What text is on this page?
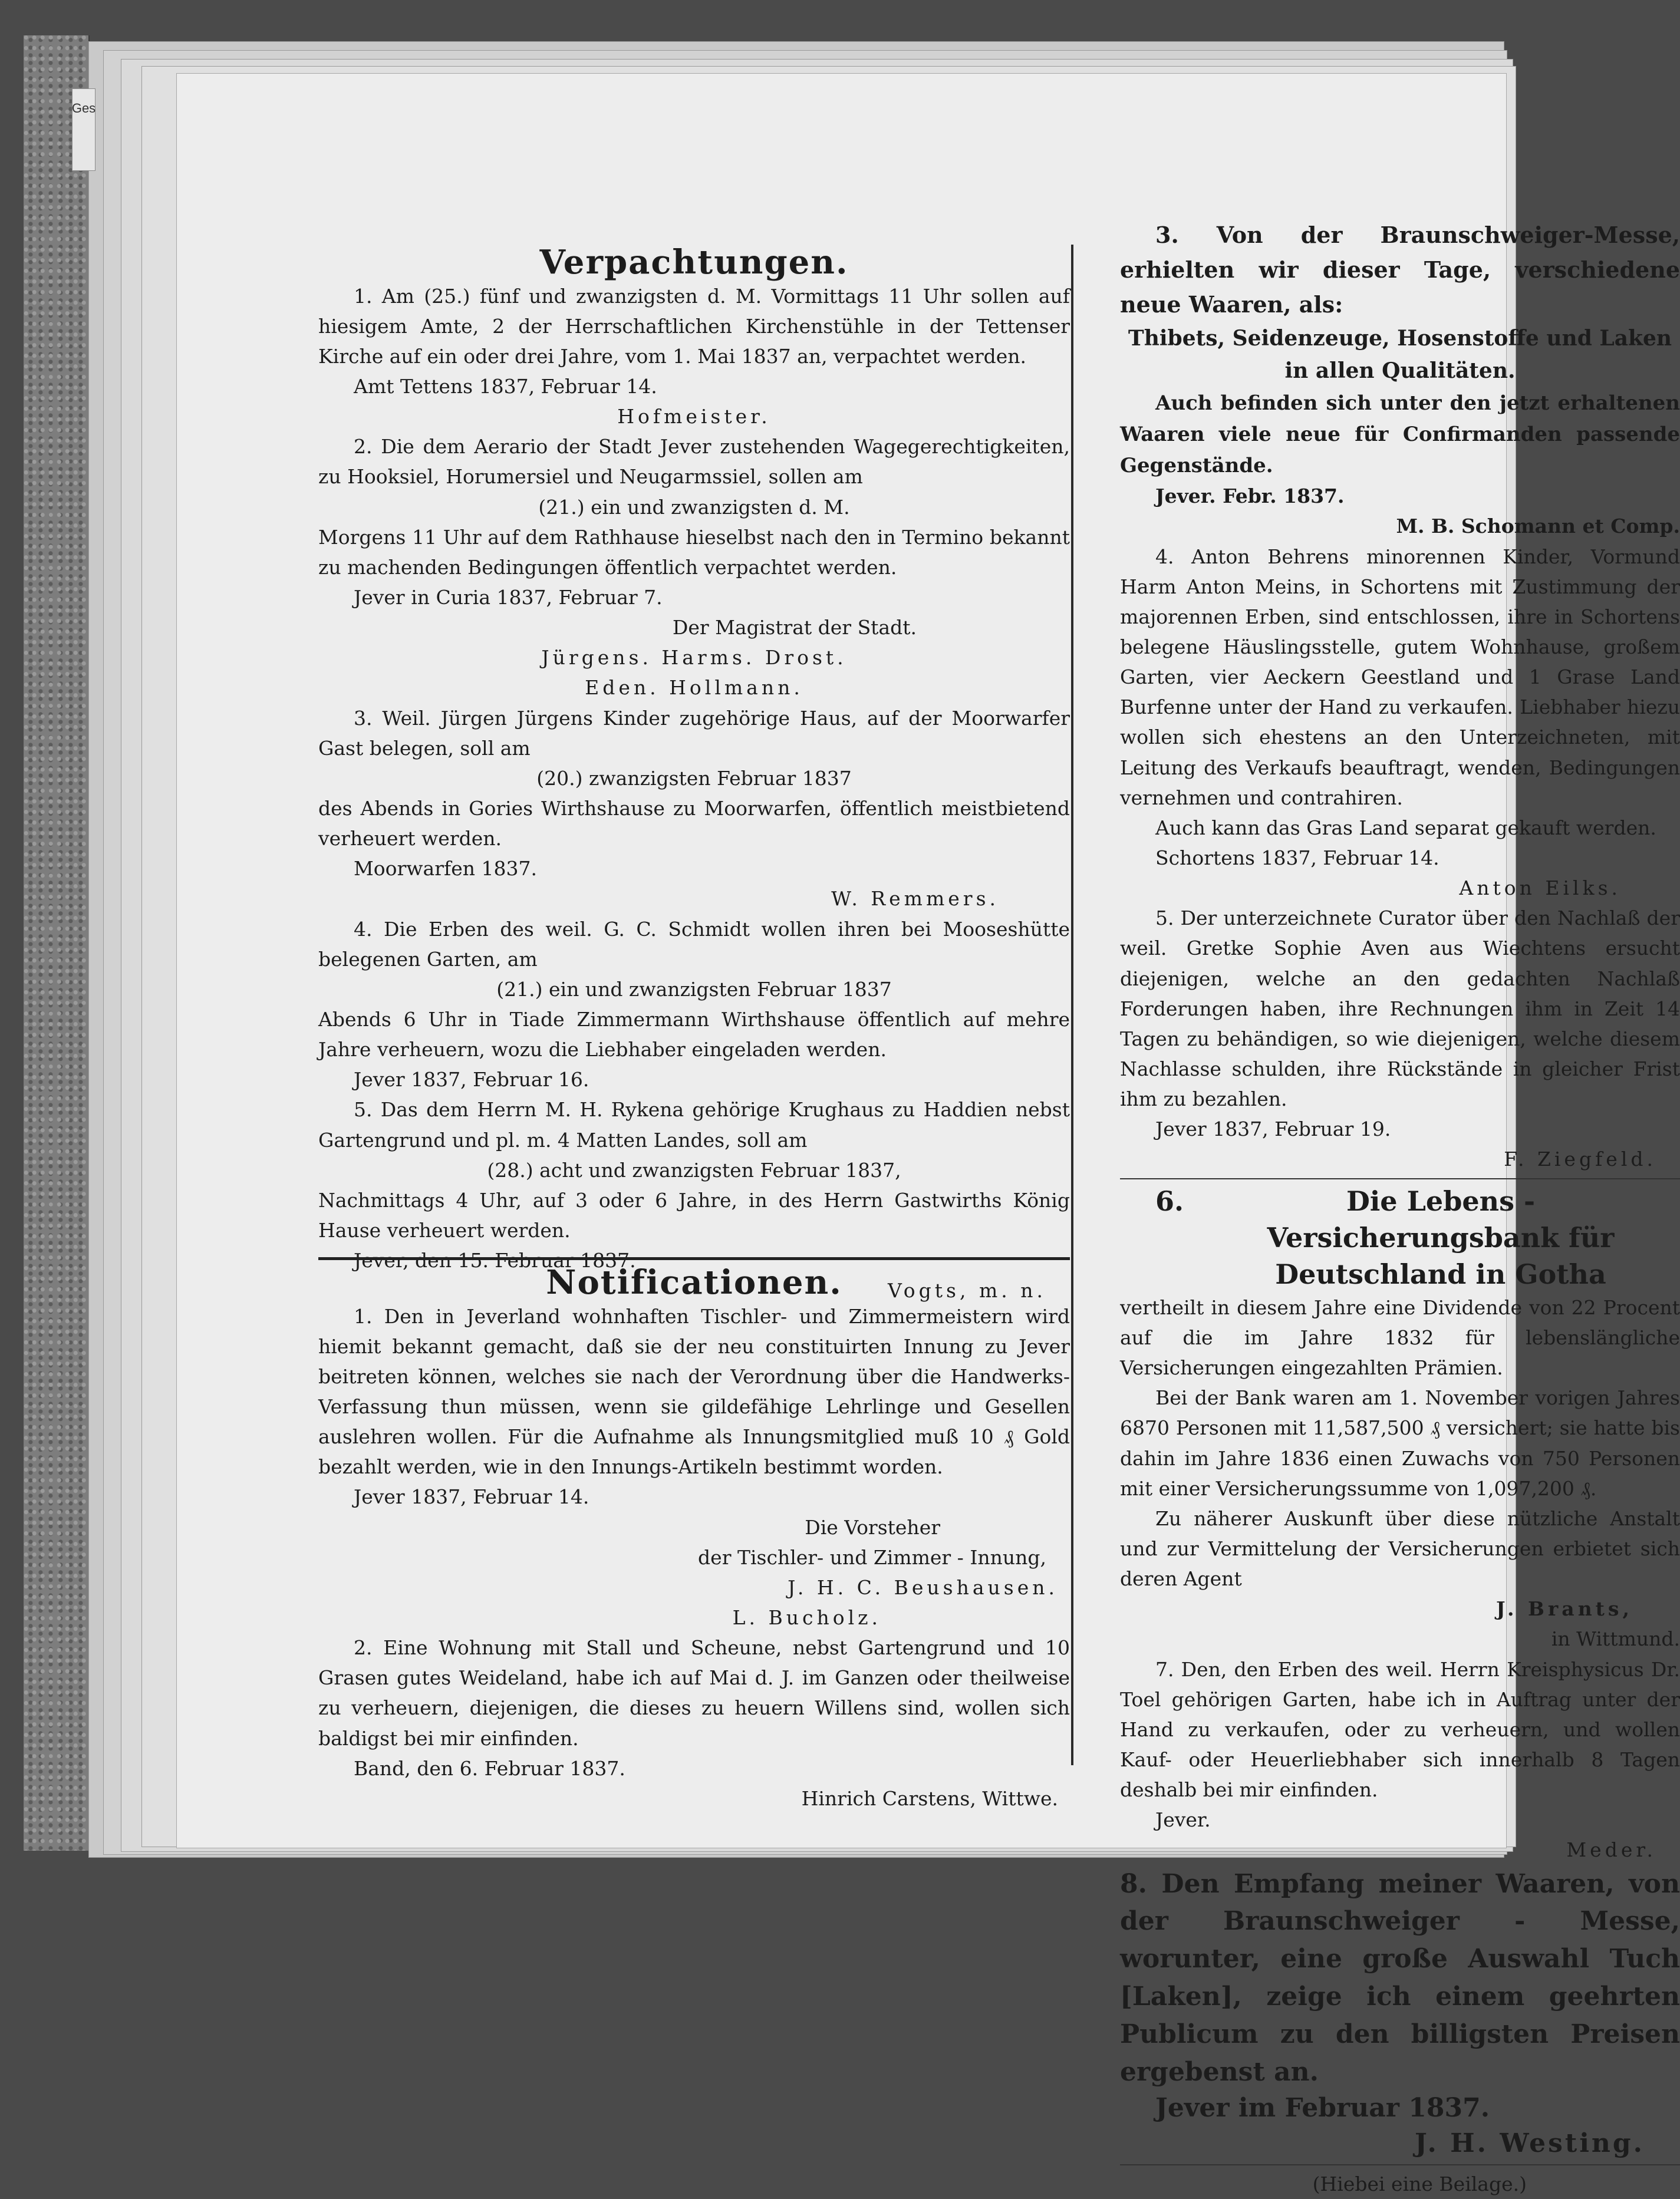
Ges
Verpachtungen.

1. Am (25.) fünf und zwanzigsten d. M. Vormittags 11 Uhr sollen auf hiesigem Amte, 2 der Herrschaftlichen Kirchenstühle in der Tettenser Kirche auf ein oder drei Jahre, vom 1. Mai 1837 an, verpachtet werden.

Amt Tettens 1837, Februar 14.

Hofmeister.

2. Die dem Aerario der Stadt Jever zustehenden Wagegerechtigkeiten, zu Hooksiel, Horumersiel und Neugarmssiel, sollen am

(21.) ein und zwanzigsten d. M.

Morgens 11 Uhr auf dem Rathhause hieselbst nach den in Termino bekannt zu machenden Bedingungen öffentlich verpachtet werden.

Jever in Curia 1837, Februar 7.

Der Magistrat der Stadt.

Jürgens. Harms. Drost.

Eden. Hollmann.

3. Weil. Jürgen Jürgens Kinder zugehörige Haus, auf der Moorwarfer Gast belegen, soll am

(20.) zwanzigsten Februar 1837

des Abends in Gories Wirthshause zu Moorwarfen, öffentlich meistbietend verheuert werden.

Moorwarfen 1837.

W. Remmers.

4. Die Erben des weil. G. C. Schmidt wollen ihren bei Mooseshütte belegenen Garten, am

(21.) ein und zwanzigsten Februar 1837

Abends 6 Uhr in Tiade Zimmermann Wirthshause öffentlich auf mehre Jahre verheuern, wozu die Liebhaber eingeladen werden.

Jever 1837, Februar 16.

5. Das dem Herrn M. H. Rykena gehörige Krughaus zu Haddien nebst Gartengrund und pl. m. 4 Matten Landes, soll am

(28.) acht und zwanzigsten Februar 1837,

Nachmittags 4 Uhr, auf 3 oder 6 Jahre, in des Herrn Gastwirths König Hause verheuert werden.

Jever, den 15. Februar 1837.

Vogts, m. n.

Notificationen.

1. Den in Jeverland wohnhaften Tischler- und Zimmermeistern wird hiemit bekannt gemacht, daß sie der neu constituirten Innung zu Jever beitreten können, welches sie nach der Verordnung über die Handwerks-Verfassung thun müssen, wenn sie gildefähige Lehrlinge und Gesellen auslehren wollen. Für die Aufnahme als Innungsmitglied muß 10 ₰ Gold bezahlt werden, wie in den Innungs-Artikeln bestimmt worden.

Jever 1837, Februar 14.

Die Vorsteher

der Tischler- und Zimmer - Innung,

J. H. C. Beushausen.

L. Bucholz.

2. Eine Wohnung mit Stall und Scheune, nebst Gartengrund und 10 Grasen gutes Weideland, habe ich auf Mai d. J. im Ganzen oder theilweise zu verheuern, diejenigen, die dieses zu heuern Willens sind, wollen sich baldigst bei mir einfinden.

Band, den 6. Februar 1837.

Hinrich Carstens, Wittwe.

3. Von der Braunschweiger-Messe, erhielten wir dieser Tage, verschiedene neue Waaren, als:

Thibets, Seidenzeuge, Hosenstoffe und Laken in allen Qualitäten.

Auch befinden sich unter den jetzt erhaltenen Waaren viele neue für Confirmanden passende Gegenstände.

Jever. Febr. 1837.

M. B. Schomann et Comp.

4. Anton Behrens minorennen Kinder, Vormund Harm Anton Meins, in Schortens mit Zustimmung der majorennen Erben, sind entschlossen, ihre in Schortens belegene Häuslingsstelle, gutem Wohnhause, großem Garten, vier Aeckern Geestland und 1 Grase Land Burfenne unter der Hand zu verkaufen. Liebhaber hiezu wollen sich ehestens an den Unterzeichneten, mit Leitung des Verkaufs beauftragt, wenden, Bedingungen vernehmen und contrahiren.

Auch kann das Gras Land separat gekauft werden.

Schortens 1837, Februar 14.

Anton Eilks.

5. Der unterzeichnete Curator über den Nachlaß der weil. Gretke Sophie Aven aus Wiechtens ersucht diejenigen, welche an den gedachten Nachlaß Forderungen haben, ihre Rechnungen ihm in Zeit 14 Tagen zu behändigen, so wie diejenigen, welche diesem Nachlasse schulden, ihre Rückstände in gleicher Frist ihm zu bezahlen.

Jever 1837, Februar 19.

F. Ziegfeld.

6.	Die Lebens - Versicherungsbank für Deutschland in Gotha

vertheilt in diesem Jahre eine Dividende von 22 Procent auf die im Jahre 1832 für lebenslängliche Versicherungen eingezahlten Prämien.

Bei der Bank waren am 1. November vorigen Jahres 6870 Personen mit 11,587,500 ₰ versichert; sie hatte bis dahin im Jahre 1836 einen Zuwachs von 750 Personen mit einer Versicherungssumme von 1,097,200 ₰.

Zu näherer Auskunft über diese nützliche Anstalt und zur Vermittelung der Versicherungen erbietet sich deren Agent

J. Brants,

in Wittmund.

7. Den, den Erben des weil. Herrn Kreisphysicus Dr. Toel gehörigen Garten, habe ich in Auftrag unter der Hand zu verkaufen, oder zu verheuern, und wollen Kauf- oder Heuerliebhaber sich innerhalb 8 Tagen deshalb bei mir einfinden.

Jever.

Meder.

8. Den Empfang meiner Waaren, von der Braunschweiger - Messe, worunter, eine große Auswahl Tuch [Laken], zeige ich einem geehrten Publicum zu den billigsten Preisen ergebenst an.

Jever im Februar 1837.

J. H. Westing.

(Hiebei eine Beilage.)
